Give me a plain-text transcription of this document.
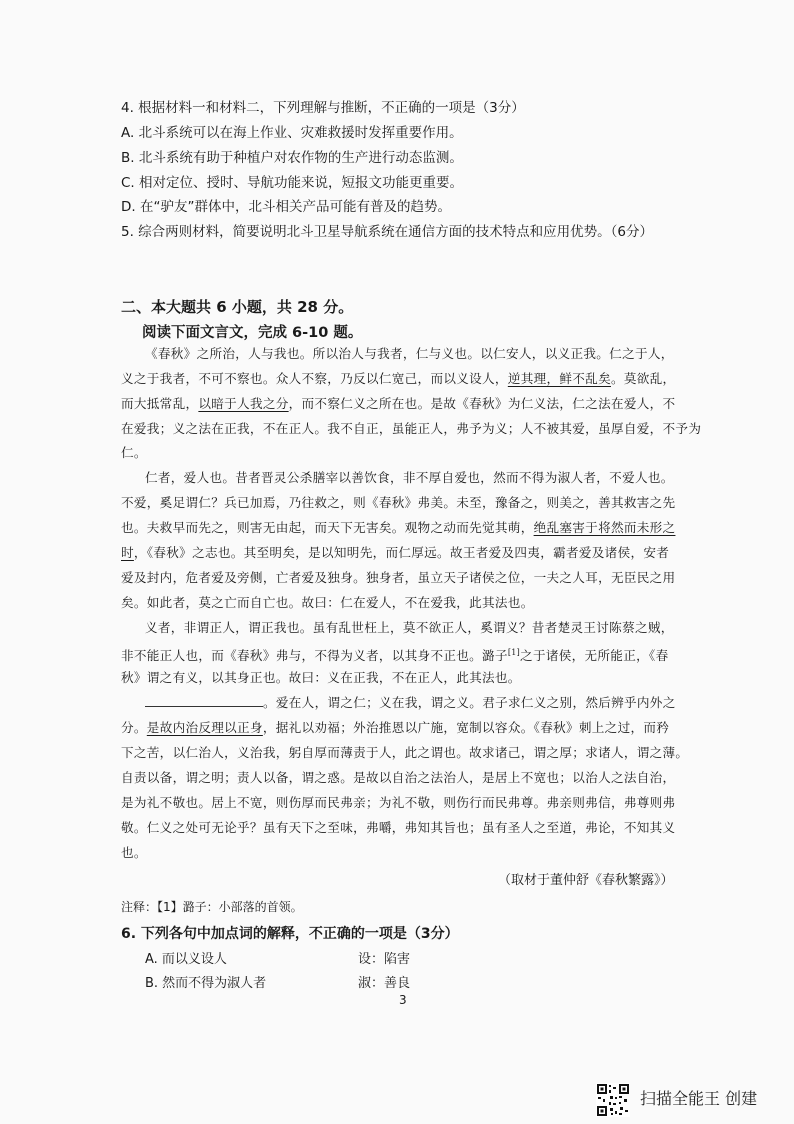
4. 根据材料一和材料二，下列理解与推断，不正确的一项是（3分）
A. 北斗系统可以在海上作业、灾难救援时发挥重要作用。
B. 北斗系统有助于种植户对农作物的生产进行动态监测。
C. 相对定位、授时、导航功能来说，短报文功能更重要。
D. 在“驴友”群体中，北斗相关产品可能有普及的趋势。
5. 综合两则材料，简要说明北斗卫星导航系统在通信方面的技术特点和应用优势。（6分）
二、本大题共 6 小题，共 28 分。
阅读下面文言文，完成 6-10 题。
《春秋》之所治，人与我也。所以治人与我者，仁与义也。以仁安人，以义正我。仁之于人，
义之于我者，不可不察也。众人不察，乃反以仁宽己，而以义设人，逆其理，鲜不乱矣。莫欲乱，
而大抵常乱，以暗于人我之分，而不察仁义之所在也。是故《春秋》为仁义法，仁之法在爱人，不
在爱我；义之法在正我，不在正人。我不自正，虽能正人，弗予为义；人不被其爱，虽厚自爱，不予为
仁。
仁者，爱人也。昔者晋灵公杀膳宰以善饮食，非不厚自爱也，然而不得为淑人者，不爱人也。
不爱，奚足谓仁？兵已加焉，乃往救之，则《春秋》弗美。未至，豫备之，则美之，善其救害之先
也。夫救早而先之，则害无由起，而天下无害矣。观物之动而先觉其萌，绝乱塞害于将然而未形之
时，《春秋》之志也。其至明矣，是以知明先，而仁厚远。故王者爱及四夷，霸者爱及诸侯，安者
爱及封内，危者爱及旁侧，亡者爱及独身。独身者，虽立天子诸侯之位，一夫之人耳，无臣民之用
矣。如此者，莫之亡而自亡也。故曰：仁在爱人，不在爱我，此其法也。
义者，非谓正人，谓正我也。虽有乱世枉上，莫不欲正人，奚谓义？昔者楚灵王讨陈蔡之贼，
非不能正人也，而《春秋》弗与，不得为义者，以其身不正也。潞子[1]之于诸侯，无所能正，《春
秋》谓之有义，以其身正也。故曰：义在正我，不在正人，此其法也。
。爱在人，谓之仁；义在我，谓之义。君子求仁义之别，然后辨乎内外之
分。是故内治反理以正身，据礼以劝福；外治推恩以广施，宽制以容众。《春秋》刺上之过，而矜
下之苦，以仁治人，义治我，躬自厚而薄责于人，此之谓也。故求诸己，谓之厚；求诸人，谓之薄。
自责以备，谓之明；责人以备，谓之惑。是故以自治之法治人，是居上不宽也；以治人之法自治，
是为礼不敬也。居上不宽，则伤厚而民弗亲；为礼不敬，则伤行而民弗尊。弗亲则弗信，弗尊则弗
敬。仁义之处可无论乎？虽有天下之至味，弗嚼，弗知其旨也；虽有圣人之至道，弗论，不知其义
也。
（取材于董仲舒《春秋繁露》）
注释：【1】潞子：小部落的首领。
6. 下列各句中加点词的解释，不正确的一项是（3分）
A. 而以义设人	设：陷害
B. 然而不得为淑人者	淑：善良
3
扫描全能王 创建
